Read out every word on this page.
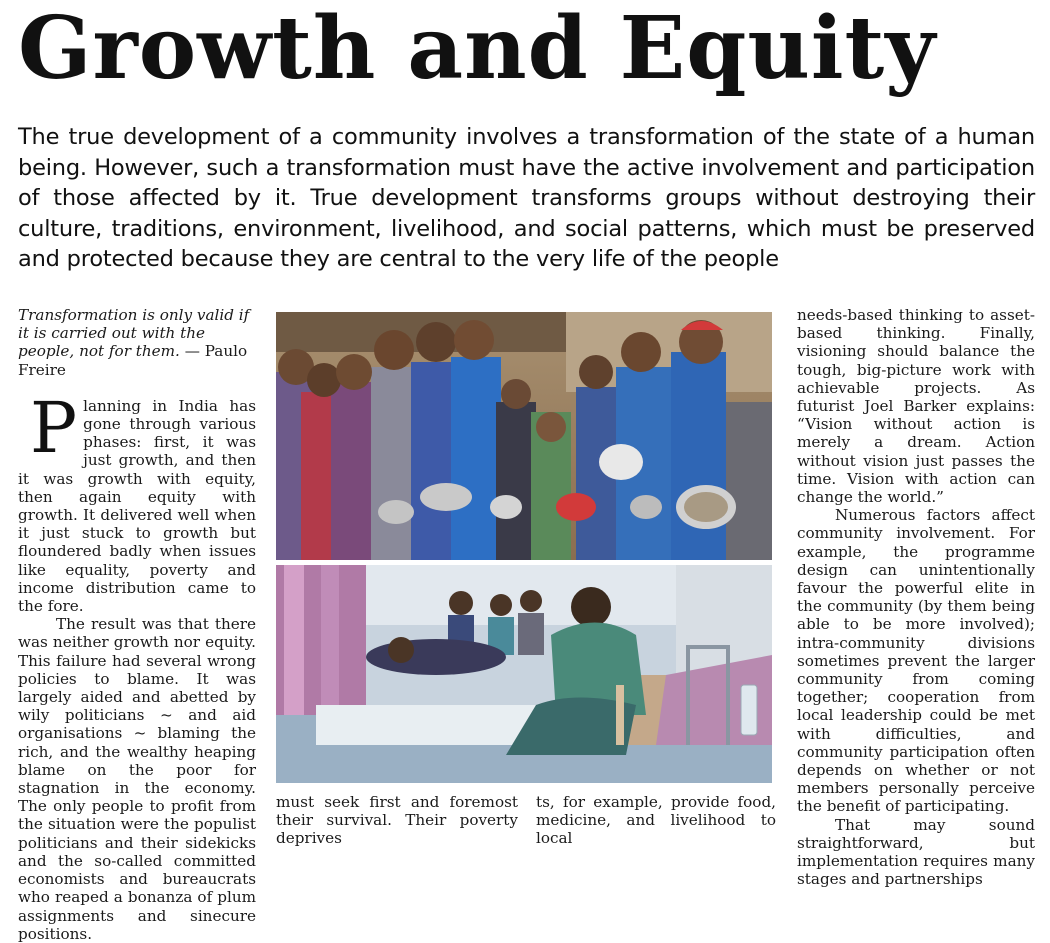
Growth and Equity
The true development of a community involves a transformation of the state of a human being. However, such a transformation must have the active involvement and participation of those affected by it. True development transforms groups without destroying their culture, traditions, environment, livelihood, and social patterns, which must be preserved and protected because they are central to the very life of the people

Transformation is only valid if it is carried out with the people, not for them. — Paulo Freire

Planning in India has gone through various phases: first, it was just growth, and then it was growth with equity, then again equity with growth. It delivered well when it just stuck to growth but floundered badly when issues like equality, poverty and income distribution came to the fore.

The result was that there was neither growth nor equity. This failure had several wrong policies to blame. It was largely aided and abetted by wily politicians ~ and aid organisations ~ blaming the rich, and the wealthy heaping blame on the poor for stagnation in the economy. The only people to profit from the situation were the populist politicians and their sidekicks and the so-called committed economists and bureaucrats who reaped a bonanza of plum assignments and sinecure positions.

must seek first and foremost their survival. Their poverty deprives

ts, for example, provide food, medicine, and livelihood to local

needs-based thinking to asset-based thinking. Finally, visioning should balance the tough, big-picture work with achievable projects. As futurist Joel Barker explains: “Vision without action is merely a dream. Action without vision just passes the time. Vision with action can change the world.”

Numerous factors affect community involvement. For example, the programme design can unintentionally favour the powerful elite in the community (by them being able to be more involved); intra-community divisions sometimes prevent the larger community from coming together; cooperation from local leadership could be met with difficulties, and community participation often depends on whether or not members personally perceive the benefit of participating.

That may sound straightforward, but implementation requires many stages and partnerships
